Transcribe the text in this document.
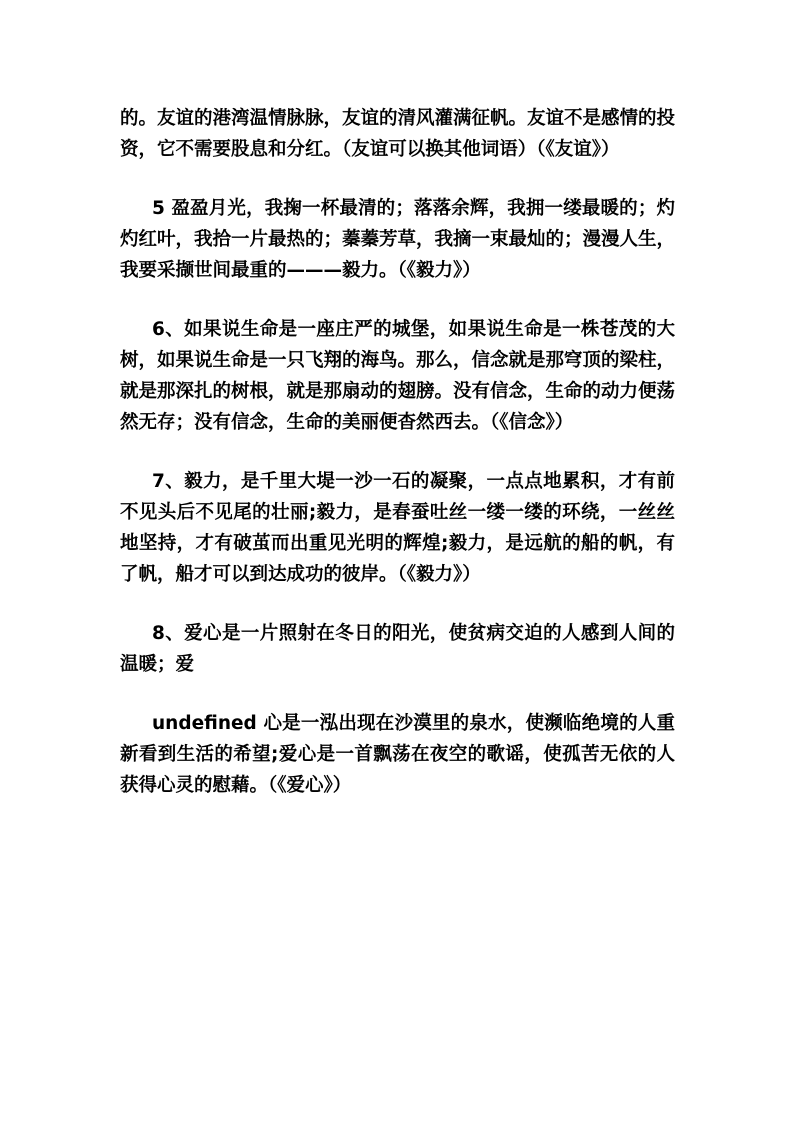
的。友谊的港湾温情脉脉，友谊的清风灌满征帆。友谊不是感情的投资，它不需要股息和分红。（友谊可以换其他词语）（《友谊》）

5 盈盈月光，我掬一杯最清的；落落余辉，我拥一缕最暖的；灼灼红叶，我拾一片最热的；蓁蓁芳草，我摘一束最灿的；漫漫人生，我要采撷世间最重的———毅力。（《毅力》）

6、如果说生命是一座庄严的城堡，如果说生命是一株苍茂的大树，如果说生命是一只飞翔的海鸟。那么，信念就是那穹顶的梁柱，就是那深扎的树根，就是那扇动的翅膀。没有信念，生命的动力便荡然无存；没有信念，生命的美丽便杳然西去。（《信念》）

7、毅力，是千里大堤一沙一石的凝聚，一点点地累积，才有前不见头后不见尾的壮丽;毅力，是春蚕吐丝一缕一缕的环绕，一丝丝地坚持，才有破茧而出重见光明的辉煌;毅力，是远航的船的帆，有了帆，船才可以到达成功的彼岸。（《毅力》）

8、爱心是一片照射在冬日的阳光，使贫病交迫的人感到人间的温暖；爱

undefined 心是一泓出现在沙漠里的泉水，使濒临绝境的人重新看到生活的希望;爱心是一首飘荡在夜空的歌谣，使孤苦无依的人获得心灵的慰藉。（《爱心》）
